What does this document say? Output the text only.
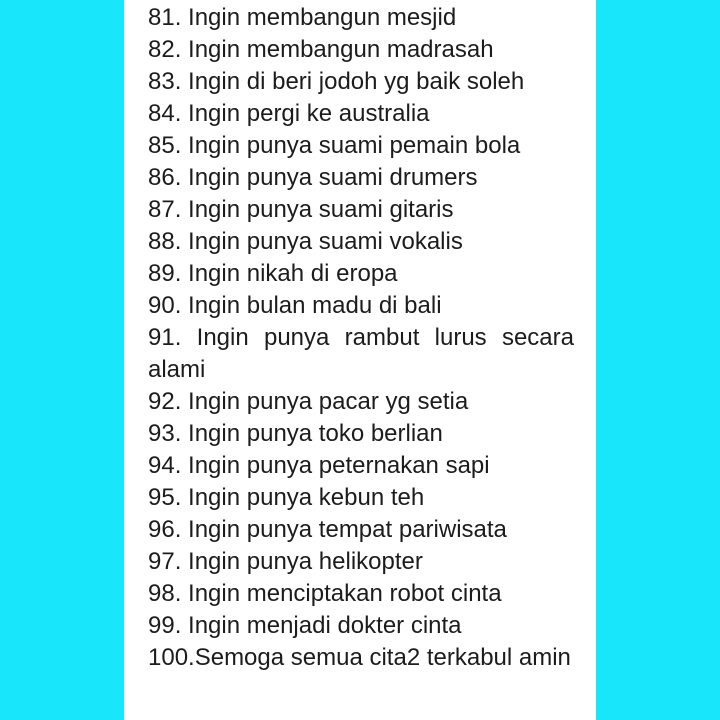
81. Ingin membangun mesjid
82. Ingin membangun madrasah
83. Ingin di beri jodoh yg baik soleh
84. Ingin pergi ke australia
85. Ingin punya suami pemain bola
86. Ingin punya suami drumers
87. Ingin punya suami gitaris
88. Ingin punya suami vokalis
89. Ingin nikah di eropa
90. Ingin bulan madu di bali
91. Ingin punya rambut lurus secara alami
92. Ingin punya pacar yg setia
93. Ingin punya toko berlian
94. Ingin punya peternakan sapi
95. Ingin punya kebun teh
96. Ingin punya tempat pariwisata
97. Ingin punya helikopter
98. Ingin menciptakan robot cinta
99. Ingin menjadi dokter cinta
100.Semoga semua cita2 terkabul amin
